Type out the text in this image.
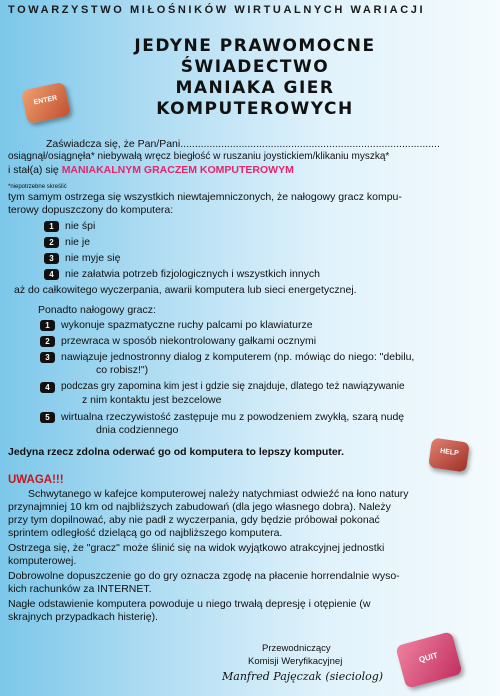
TOWARZYSTWO MIŁOŚNIKÓW WIRTUALNYCH WARIACJI
JEDYNE PRAWOMOCNE
ŚWIADECTWO
MANIAKA GIER
KOMPUTEROWYCH
ENTER
HELP
QUIT
Zaświadcza się, że Pan/Pani.........................................................................................
osiągnął/osiągnęła* niebywałą wręcz biegłość w ruszaniu joystickiem/klikaniu myszką*
i stał(a) się MANIAKALNYM GRACZEM KOMPUTEROWYM
*niepotrzebne skreślić
tym samym ostrzega się wszystkich niewtajemniczonych, że nałogowy gracz kompu-
terowy dopuszczony do komputera:
1	nie śpi
2	nie je
3	nie myje się
4	nie załatwia potrzeb fizjologicznych i wszystkich innych
aż do całkowitego wyczerpania, awarii komputera lub sieci energetycznej.
Ponadto nałogowy gracz:
1	wykonuje spazmatyczne ruchy palcami po klawiaturze
2	przewraca w sposób niekontrolowany gałkami ocznymi
3	nawiązuje jednostronny dialog z komputerem (np. mówiąc do niego: "debilu,
co robisz!")
4	podczas gry zapomina kim jest i gdzie się znajduje, dlatego też nawiązywanie
z nim kontaktu jest bezcelowe
5	wirtualna rzeczywistość zastępuje mu z powodzeniem zwykłą, szarą nudę
dnia codziennego
Jedyna rzecz zdolna oderwać go od komputera to lepszy komputer.
UWAGA!!!
Schwytanego w kafejce komputerowej należy natychmiast odwieźć na łono natury
przynajmniej 10 km od najbliższych zabudowań (dla jego własnego dobra). Należy
przy tym dopilnować, aby nie padł z wyczerpania, gdy będzie próbował pokonać
sprintem odległość dzielącą go od najbliższego komputera.
Ostrzega się, że "gracz" może ślinić się na widok wyjątkowo atrakcyjnej jednostki
komputerowej.
Dobrowolne dopuszczenie go do gry oznacza zgodę na płacenie horrendalnie wyso-
kich rachunków za INTERNET.
Nagłe odstawienie komputera powoduje u niego trwałą depresję i otępienie (w
skrajnych przypadkach histerię).
Przewodniczący
Komisji Weryfikacyjnej
Manfred Pajęczak (sieciolog)
